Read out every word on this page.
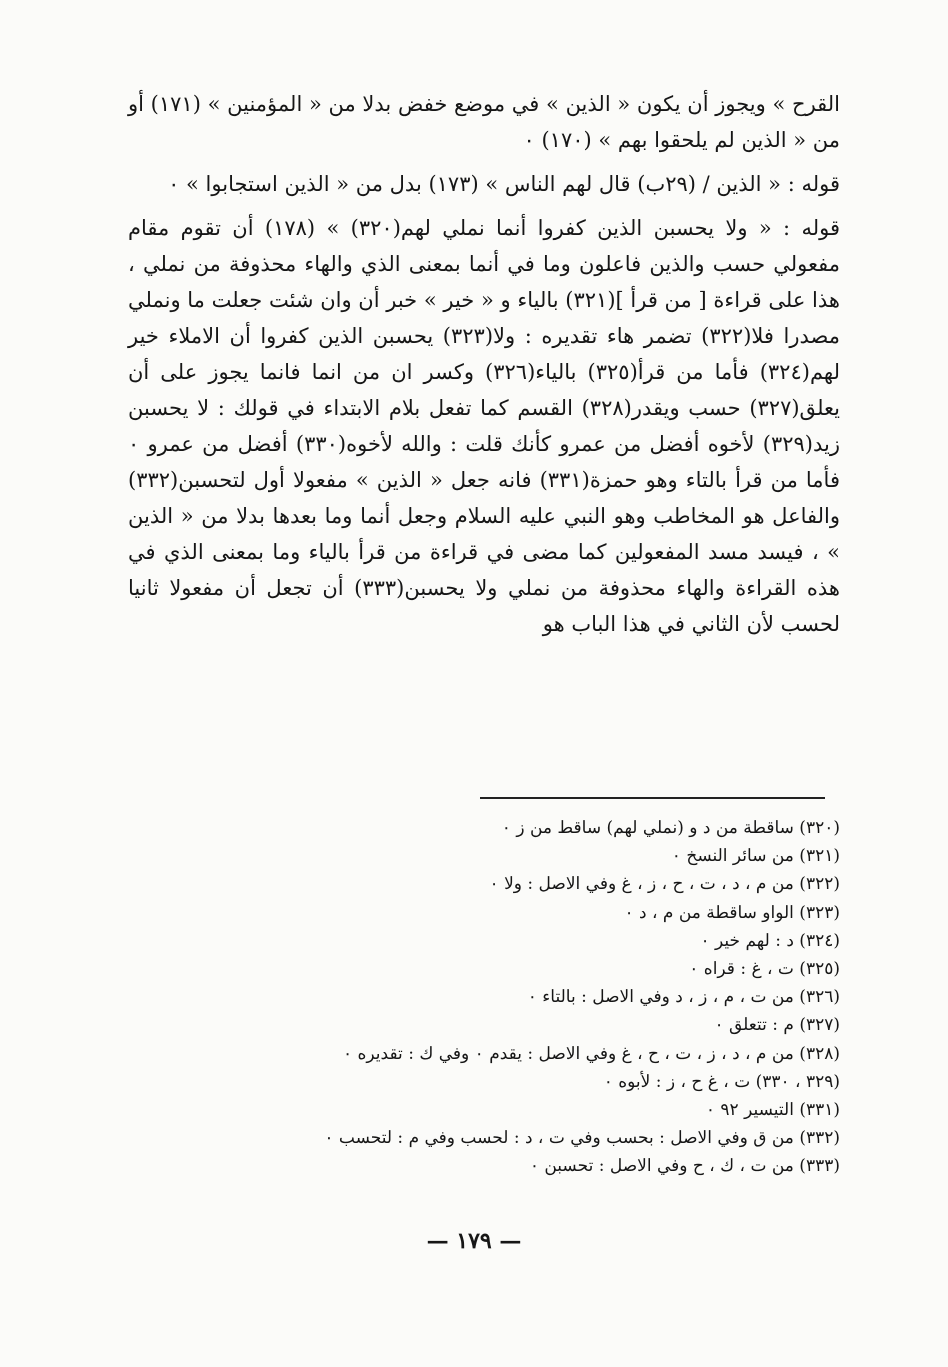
القرح » ويجوز أن يكون « الذين » في موضع خفض بدلا من « المؤمنين » (١٧١) أو من « الذين لم يلحقوا بهم » (١٧٠) ٠

قوله : « الذين / (٢٩ب) قال لهم الناس » (١٧٣) بدل من « الذين استجابوا » ٠

قوله : « ولا يحسبن الذين كفروا أنما نملي لهم(٣٢٠) » (١٧٨) أن تقوم مقام مفعولي حسب والذين فاعلون وما في أنما بمعنى الذي والهاء محذوفة من نملي ، هذا على قراءة [ من قرأ ](٣٢١) بالياء و « خير » خبر أن وان شئت جعلت ما ونملي مصدرا فلا(٣٢٢) تضمر هاء تقديره : ولا(٣٢٣) يحسبن الذين كفروا أن الاملاء خير لهم(٣٢٤) فأما من قرأ(٣٢٥) بالياء(٣٢٦) وكسر ان من انما فانما يجوز على أن يعلق(٣٢٧) حسب ويقدر(٣٢٨) القسم كما تفعل بلام الابتداء في قولك : لا يحسبن زيد(٣٢٩) لأخوه أفضل من عمرو كأنك قلت : والله لأخوه(٣٣٠) أفضل من عمرو ٠ فأما من قرأ بالتاء وهو حمزة(٣٣١) فانه جعل « الذين » مفعولا أول لتحسبن(٣٣٢) والفاعل هو المخاطب وهو النبي عليه السلام وجعل أنما وما بعدها بدلا من « الذين » ، فيسد مسد المفعولين كما مضى في قراءة من قرأ بالياء وما بمعنى الذي في هذه القراءة والهاء محذوفة من نملي ولا يحسبن(٣٣٣) أن تجعل أن مفعولا ثانيا لحسب لأن الثاني في هذا الباب هو

(٣٢٠) ساقطة من د و (نملي لهم) ساقط من ز ٠
(٣٢١) من سائر النسخ ٠
(٣٢٢) من م ، د ، ت ، ح ، ز ، غ وفي الاصل : ولا ٠
(٣٢٣) الواو ساقطة من م ، د ٠
(٣٢٤) د : لهم خير ٠
(٣٢٥) ت ، غ : قراه ٠
(٣٢٦) من ت ، م ، ز ، د وفي الاصل : بالتاء ٠
(٣٢٧) م : تتعلق ٠
(٣٢٨) من م ، د ، ز ، ت ، ح ، غ وفي الاصل : يقدم ٠ وفي ك : تقديره ٠
(٣٢٩ ، ٣٣٠) ت ، غ ح ، ز : لأبوه ٠
(٣٣١) التيسير ٩٢ ٠
(٣٣٢) من ق وفي الاصل : بحسب وفي ت ، د : لحسب وفي م : لتحسب ٠
(٣٣٣) من ت ، ك ، ح وفي الاصل : تحسبن ٠
— ١٧٩ —
